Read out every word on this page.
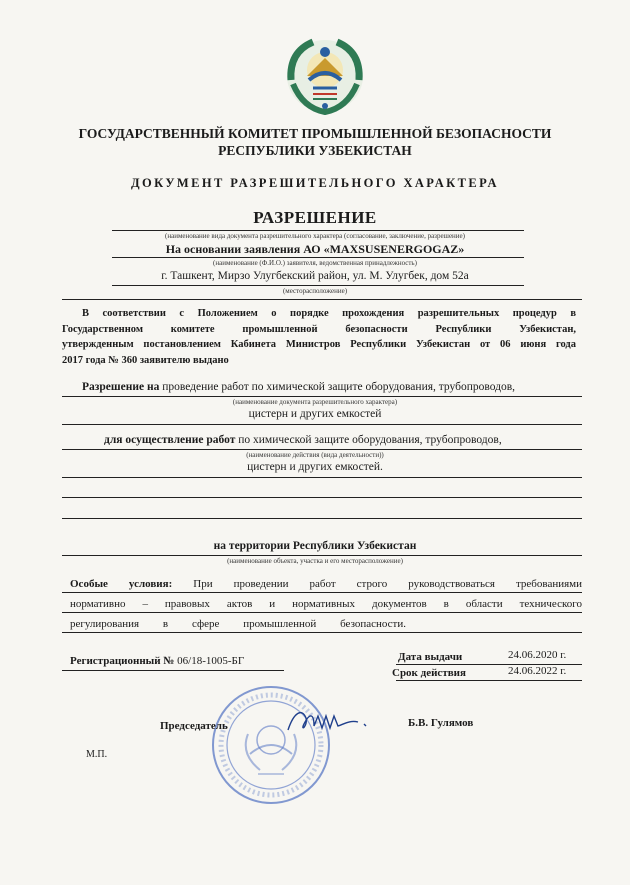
ГОСУДАРСТВЕННЫЙ КОМИТЕТ ПРОМЫШЛЕННОЙ БЕЗОПАСНОСТИ
РЕСПУБЛИКИ УЗБЕКИСТАН
ДОКУМЕНТ РАЗРЕШИТЕЛЬНОГО ХАРАКТЕРА
РАЗРЕШЕНИЕ
(наименование вида документа разрешительного характера (согласование, заключение, разрешение)
На основании заявления АО «MAXSUSENERGOGAZ»
(наименование (Ф.И.О.) заявителя, ведомственная принадлежность)
г. Ташкент, Мирзо Улугбекский район, ул. М. Улугбек, дом 52а
(месторасположение)
В соответствии с Положением о порядке прохождения разрешительных процедур в
Государственном комитете промышленной безопасности Республики Узбекистан,
утвержденным постановлением Кабинета Министров Республики Узбекистан от 06 июня года
2017 года № 360 заявителю выдано
Разрешение на проведение работ по химической защите оборудования, трубопроводов,
(наименование документа разрешительного характера)
цистерн и других емкостей
для осуществление работ по химической защите оборудования, трубопроводов,
(наименование действия (вида деятельности))
цистерн и других емкостей.
на территории Республики Узбекистан
(наименование объекта, участка и его месторасположение)
Особые условия: При проведении работ строго руководствоваться требованиями
нормативно – правовых актов и нормативных документов в области технического
регулирования в сфере промышленной безопасности.
Регистрационный № 06/18-1005-БГ	Дата выдачи	24.06.2020 г.
Срок действия	24.06.2022 г.
Председатель	Б.В. Гулямов
М.П.
